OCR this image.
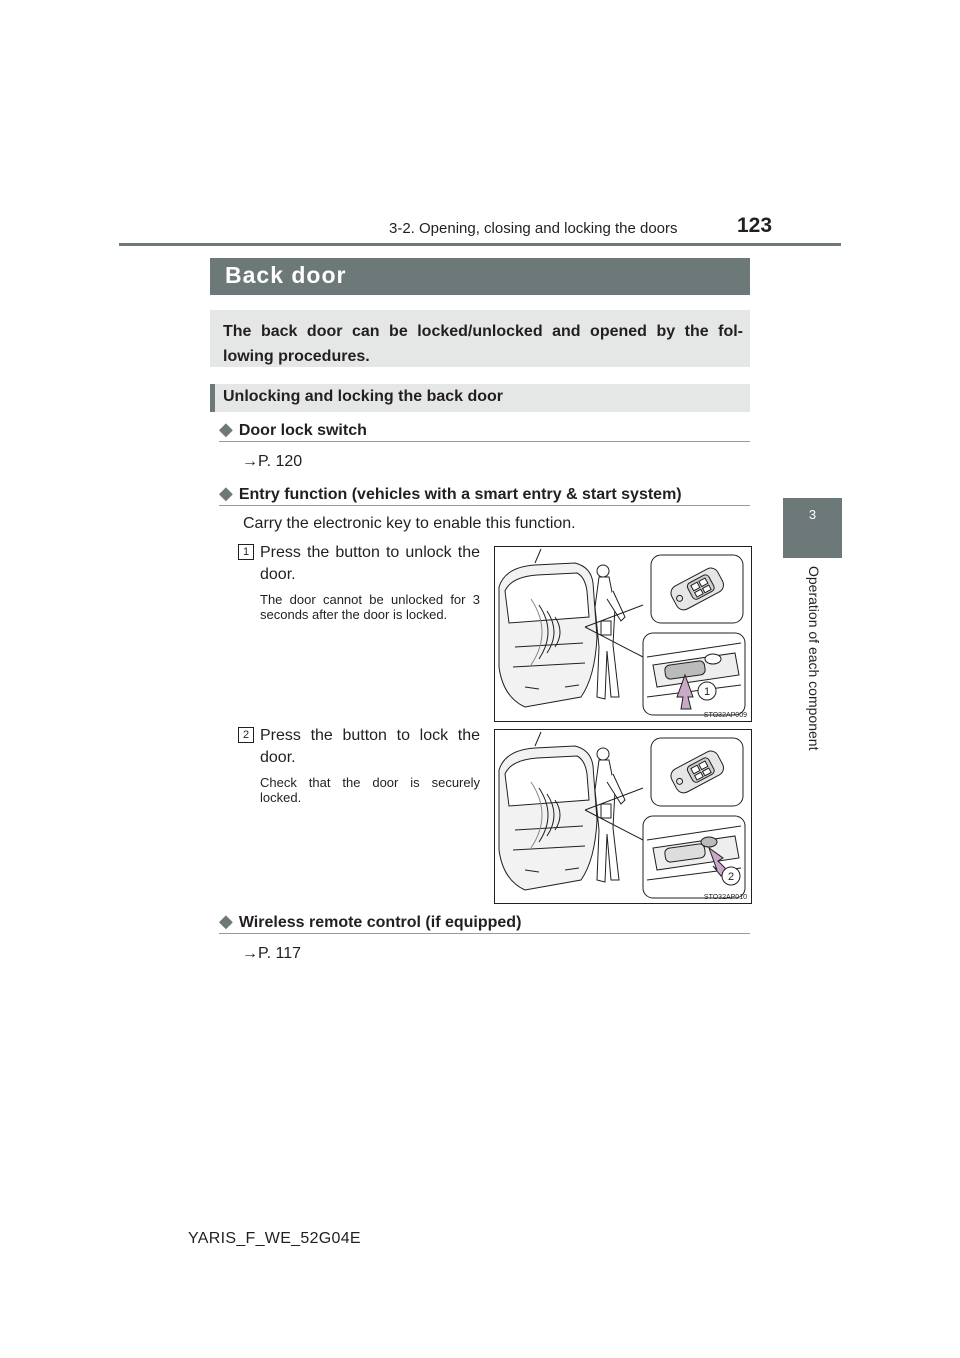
3-2. Opening, closing and locking the doors	123
3
Operation of each component
Back door
The back door can be locked/unlocked and opened by the fol-lowing procedures.
Unlocking and locking the back door
◆ Door lock switch
→P. 120
◆ Entry function (vehicles with a smart entry & start system)
Carry the electronic key to enable this function.
1 Press the button to unlock the door.
The door cannot be unlocked for 3 seconds after the door is locked.
1
STO32AP009
2 Press the button to lock the door.
Check that the door is securely locked.
2
STO32AP010
◆ Wireless remote control (if equipped)
→P. 117
YARIS_F_WE_52G04E
